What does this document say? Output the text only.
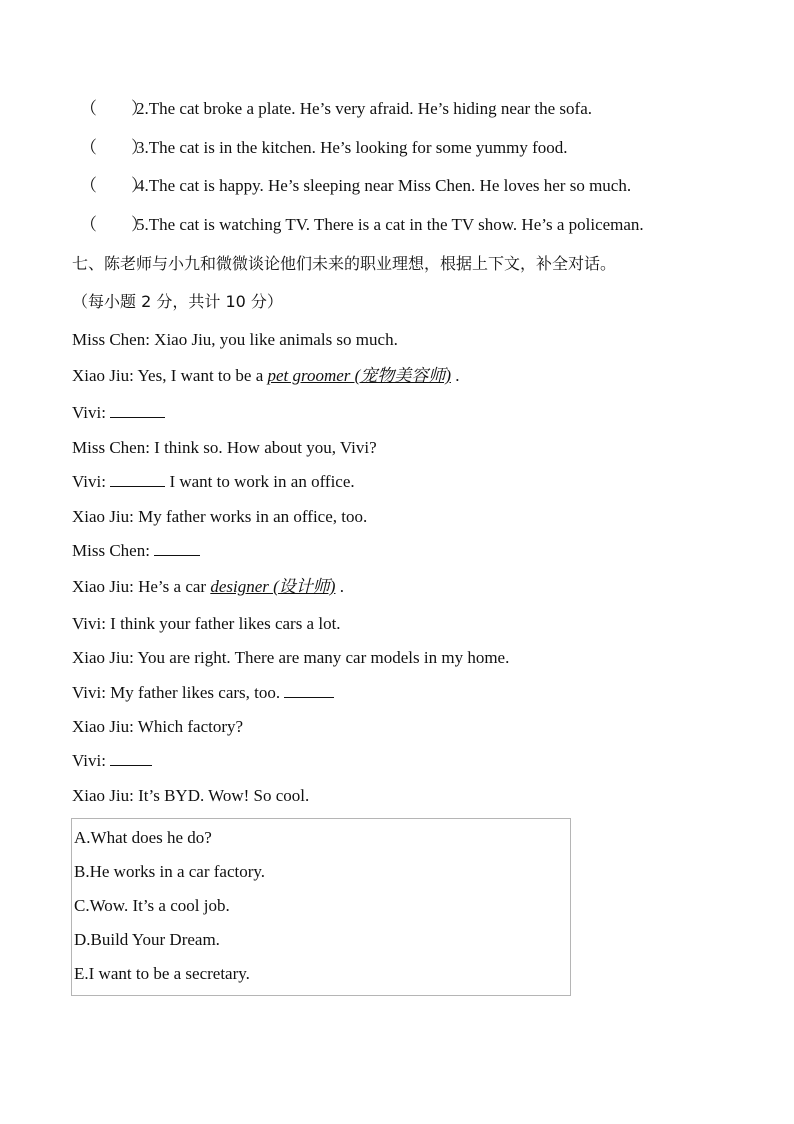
（　　）2.The cat broke a plate. He’s very afraid. He’s hiding near the sofa.
（　　）3.The cat is in the kitchen. He’s looking for some yummy food.
（　　）4.The cat is happy. He’s sleeping near Miss Chen. He loves her so much.
（　　）5.The cat is watching TV. There is a cat in the TV show. He’s a policeman.
七、陈老师与小九和微微谈论他们未来的职业理想，根据上下文，补全对话。
（每小题 2 分，共计 10 分）
Miss Chen: Xiao Jiu, you like animals so much.
Xiao Jiu: Yes, I want to be a pet groomer (宠物美容师) .
Vivi:
Miss Chen: I think so. How about you, Vivi?
Vivi:	I want to work in an office.
Xiao Jiu: My father works in an office, too.
Miss Chen:
Xiao Jiu: He’s a car designer (设计师) .
Vivi: I think your father likes cars a lot.
Xiao Jiu: You are right. There are many car models in my home.
Vivi: My father likes cars, too.
Xiao Jiu: Which factory?
Vivi:
Xiao Jiu: It’s BYD. Wow! So cool.
A.What does he do?
B.He works in a car factory.
C.Wow. It’s a cool job.
D.Build Your Dream.
E.I want to be a secretary.
